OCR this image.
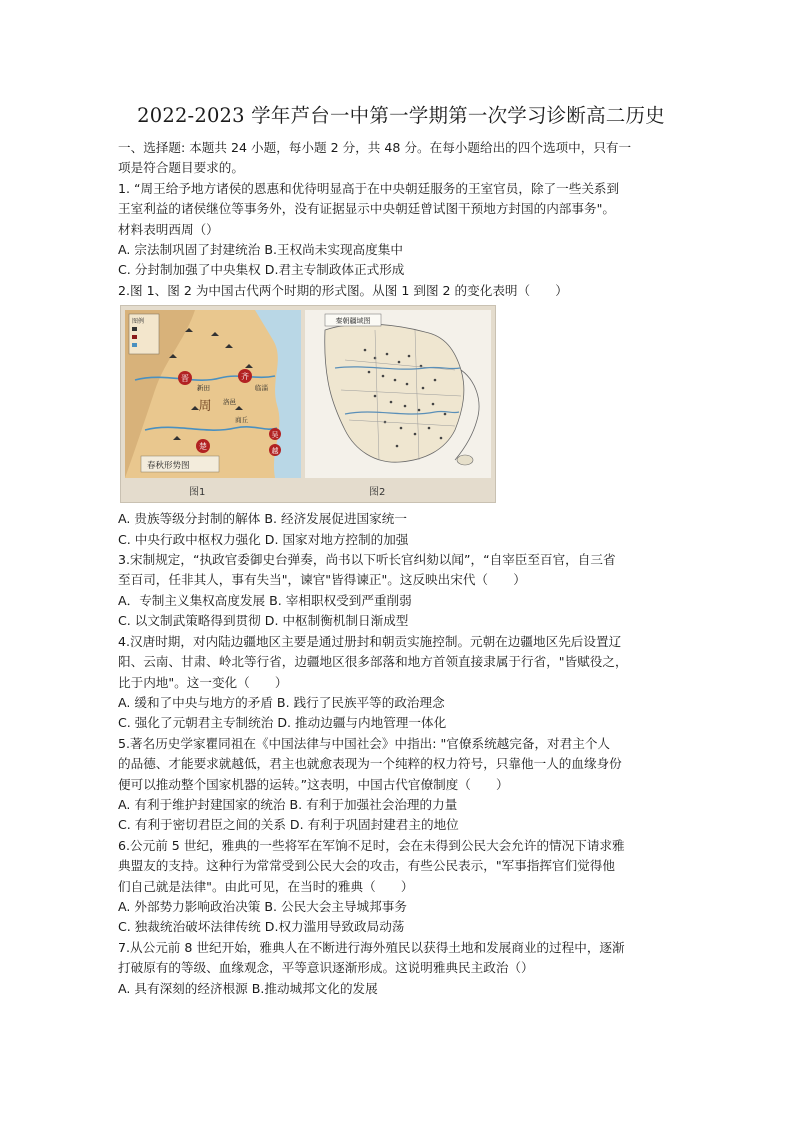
2022-2023 学年芦台一中第一学期第一次学习诊断高二历史
一、选择题: 本题共 24 小题，每小题 2 分，共 48 分。在每小题给出的四个选项中，只有一
项是符合题目要求的。
1. “周王给予地方诸侯的恩惠和优待明显高于在中央朝廷服务的王室官员，除了一些关系到
王室利益的诸侯继位等事务外，没有证据显示中央朝廷曾试图干预地方封国的内部事务"。
材料表明西周（）
A. 宗法制巩固了封建统治 B.王权尚未实现高度集中
C. 分封制加强了中央集权 D.君主专制政体正式形成
2.图 1、图 2 为中国古代两个时期的形式图。从图 1 到图 2 的变化表明（　　）
图例
晋	齐
周
楚
吴
越
新田	临淄
洛邑
商丘
春秋形势图
秦朝疆域图
图1	图2
A. 贵族等级分封制的解体 B. 经济发展促进国家统一
C. 中央行政中枢权力强化 D. 国家对地方控制的加强
3.宋制规定，“执政官委御史台弹奏，尚书以下听长官纠劾以闻”，“自宰臣至百官，自三省
至百司，任非其人，事有失当"，谏官"皆得谏正"。这反映出宋代（　　）
A．专制主义集权高度发展 B. 宰相职权受到严重削弱
C. 以文制武策略得到贯彻 D. 中枢制衡机制日渐成型
4.汉唐时期，对内陆边疆地区主要是通过册封和朝贡实施控制。元朝在边疆地区先后设置辽
阳、云南、甘肃、岭北等行省，边疆地区很多部落和地方首领直接隶属于行省，"皆赋役之，
比于内地"。这一变化（　　）
A. 缓和了中央与地方的矛盾 B. 践行了民族平等的政治理念
C. 强化了元朝君主专制统治 D. 推动边疆与内地管理一体化
5.著名历史学家瞿同祖在《中国法律与中国社会》中指出: "官僚系统越完备，对君主个人
的品德、才能要求就越低，君主也就愈表现为一个纯粹的权力符号，只靠他一人的血缘身份
便可以推动整个国家机器的运转。”这表明，中国古代官僚制度（　　）
A. 有利于维护封建国家的统治 B. 有利于加强社会治理的力量
C. 有利于密切君臣之间的关系 D. 有利于巩固封建君主的地位
6.公元前 5 世纪，雅典的一些将军在军饷不足时，会在未得到公民大会允许的情况下请求雅
典盟友的支持。这种行为常常受到公民大会的攻击，有些公民表示，"军事指挥官们觉得他
们自己就是法律"。由此可见，在当时的雅典（　　）
A. 外部势力影响政治决策 B. 公民大会主导城邦事务
C. 独裁统治破坏法律传统 D.权力滥用导致政局动荡
7.从公元前 8 世纪开始，雅典人在不断进行海外殖民以获得土地和发展商业的过程中，逐渐
打破原有的等级、血缘观念，平等意识逐渐形成。这说明雅典民主政治（）
A. 具有深刻的经济根源 B.推动城邦文化的发展
